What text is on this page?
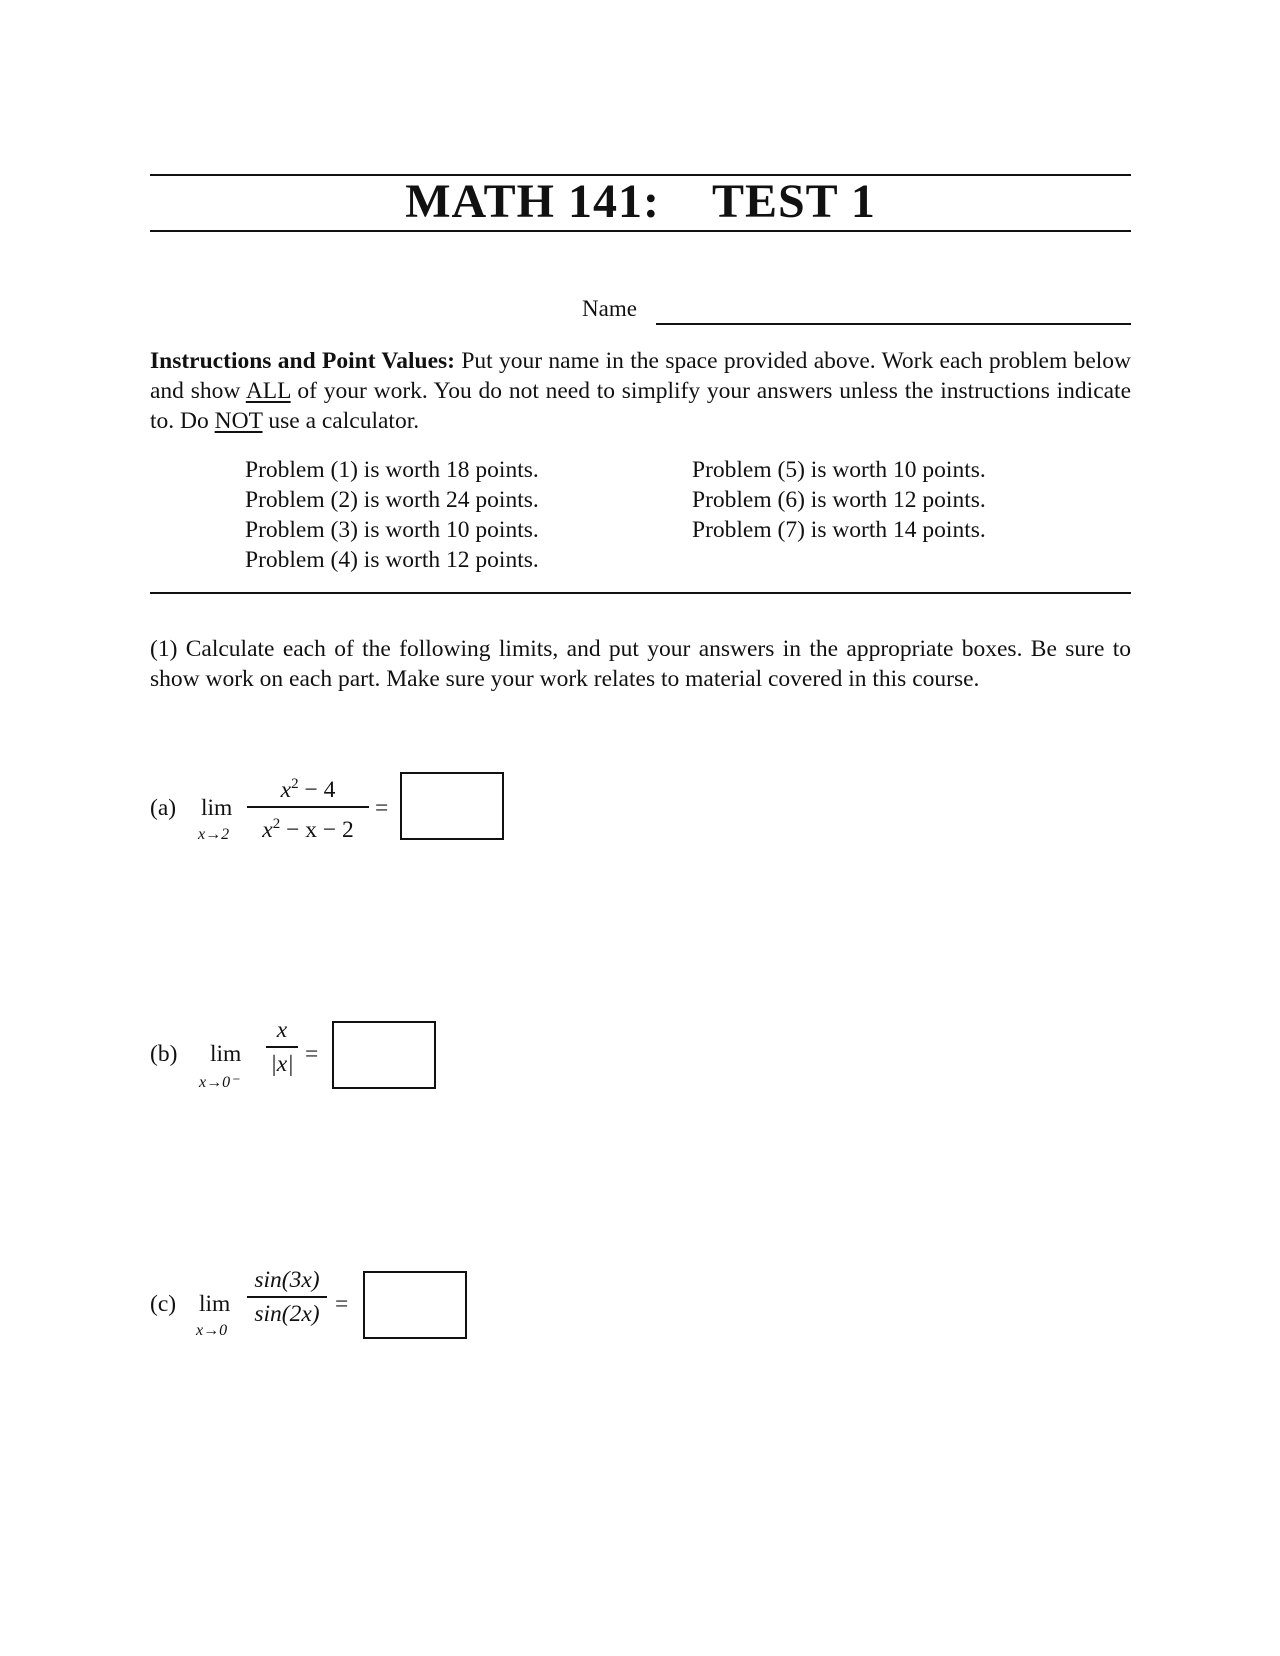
MATH 141: TEST 1
Name
Instructions and Point Values: Put your name in the space provided above. Work each problem below and show ALL of your work. You do not need to simplify your answers unless the instructions indicate to. Do NOT use a calculator.
Problem (1) is worth 18 points.
Problem (2) is worth 24 points.
Problem (3) is worth 10 points.
Problem (4) is worth 12 points.
Problem (5) is worth 10 points.
Problem (6) is worth 12 points.
Problem (7) is worth 14 points.
(1) Calculate each of the following limits, and put your answers in the appropriate boxes. Be sure to show work on each part. Make sure your work relates to material covered in this course.
(a) lim
x→2
$x^2 - 4$
$x^2 - x - 2$
=
(b) lim
x→0⁻
x
|x| =
(c) lim
x→0
sin(3x)
sin(2x) =
